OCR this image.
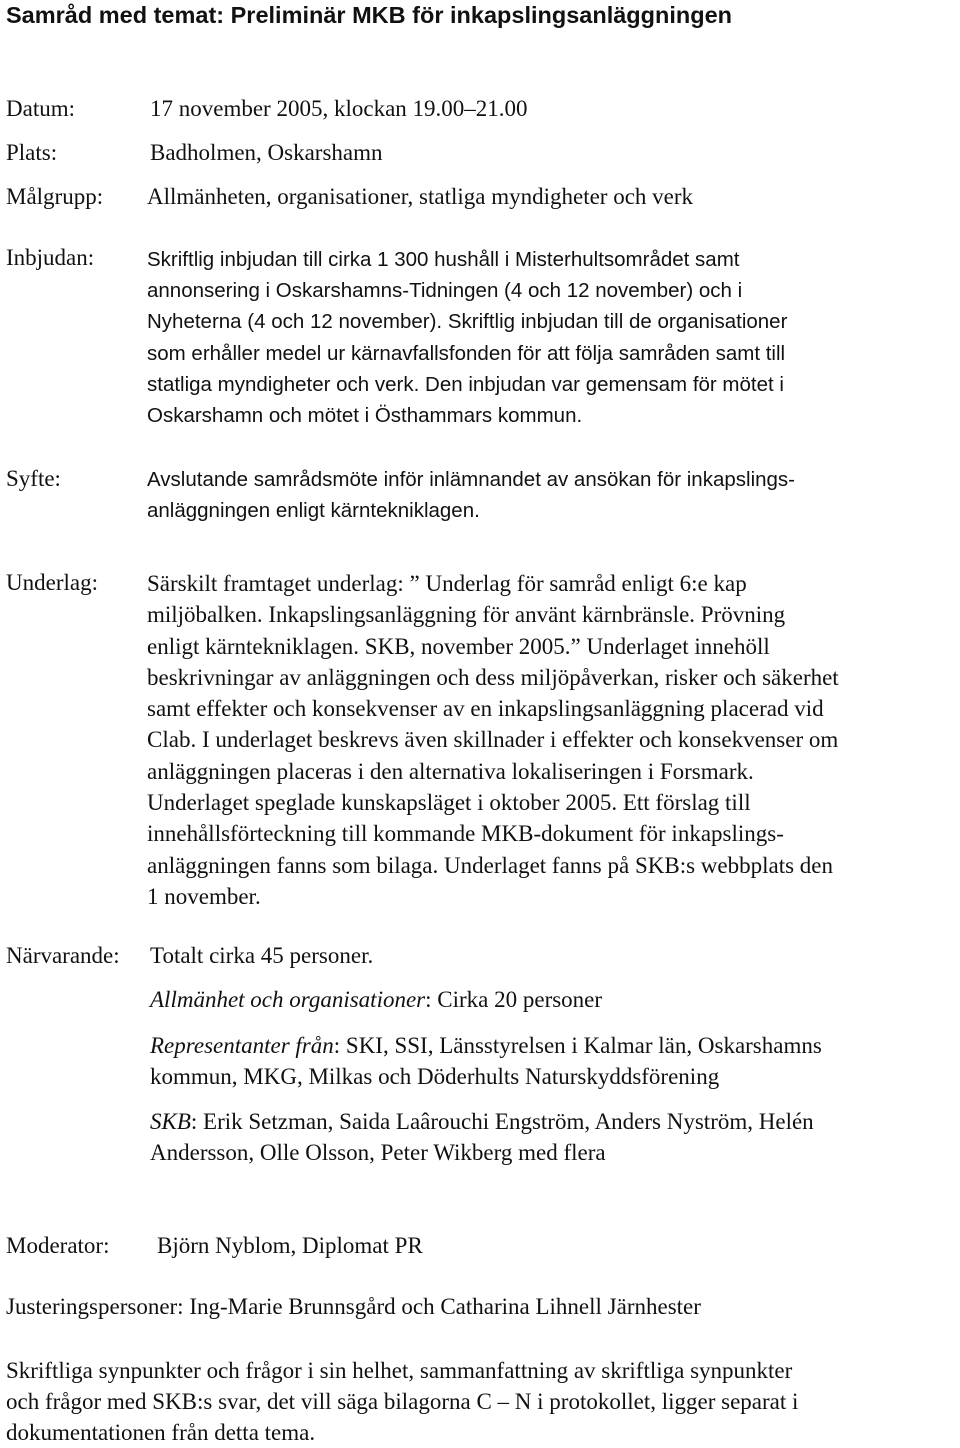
Samråd med temat: Preliminär MKB för inkapslingsanläggningen
Datum:	17 november 2005, klockan 19.00–21.00
Plats:	Badholmen, Oskarshamn
Målgrupp: Allmänheten, organisationer, statliga myndigheter och verk
Inbjudan:	Skriftlig inbjudan till cirka 1 300 hushåll i Misterhultsområdet samt
annonsering i Oskarshamns-Tidningen (4 och 12 november) och i
Nyheterna (4 och 12 november). Skriftlig inbjudan till de organisationer
som erhåller medel ur kärnavfallsfonden för att följa samråden samt till
statliga myndigheter och verk. Den inbjudan var gemensam för mötet i
Oskarshamn och mötet i Östhammars kommun.
Syfte:	Avslutande samrådsmöte inför inlämnandet av ansökan för inkapslings-
anläggningen enligt kärntekniklagen.
Underlag: Särskilt framtaget underlag: ” Underlag för samråd enligt 6:e kap
miljöbalken. Inkapslingsanläggning för använt kärnbränsle. Prövning
enligt kärntekniklagen. SKB, november 2005.” Underlaget innehöll
beskrivningar av anläggningen och dess miljöpåverkan, risker och säkerhet
samt effekter och konsekvenser av en inkapslingsanläggning placerad vid
Clab. I underlaget beskrevs även skillnader i effekter och konsekvenser om
anläggningen placeras i den alternativa lokaliseringen i Forsmark.
Underlaget speglade kunskapsläget i oktober 2005. Ett förslag till
innehållsförteckning till kommande MKB-dokument för inkapslings-
anläggningen fanns som bilaga. Underlaget fanns på SKB:s webbplats den
1 november.
Närvarande: Totalt cirka 45 personer.
Allmänhet och organisationer: Cirka 20 personer
Representanter från: SKI, SSI, Länsstyrelsen i Kalmar län, Oskarshamns
kommun, MKG, Milkas och Döderhults Naturskyddsförening
SKB: Erik Setzman, Saida Laârouchi Engström, Anders Nyström, Helén
Andersson, Olle Olsson, Peter Wikberg med flera
Moderator: Björn Nyblom, Diplomat PR
Justeringspersoner: Ing-Marie Brunnsgård och Catharina Lihnell Järnhester
Skriftliga synpunkter och frågor i sin helhet, sammanfattning av skriftliga synpunkter
och frågor med SKB:s svar, det vill säga bilagorna C – N i protokollet, ligger separat i
dokumentationen från detta tema.
